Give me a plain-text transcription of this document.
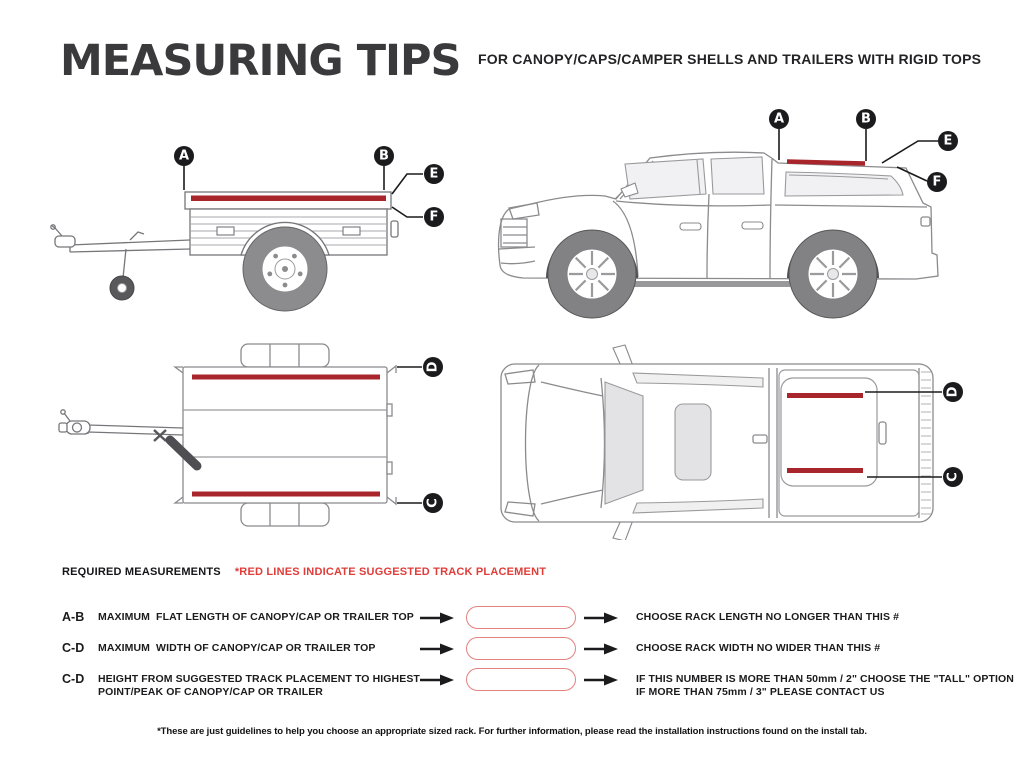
MEASURING TIPS FOR CANOPY/CAPS/CAMPER SHELLS AND TRAILERS WITH RIGID TOPS
A	B
E
F
A	B
E
F
D
C
D
C
REQUIRED MEASUREMENTS *RED LINES INDICATE SUGGESTED TRACK PLACEMENT
A-B	MAXIMUM  FLAT LENGTH OF CANOPY/CAP OR TRAILER TOP	CHOOSE RACK LENGTH NO LONGER THAN THIS #
C-D	MAXIMUM  WIDTH OF CANOPY/CAP OR TRAILER TOP	CHOOSE RACK WIDTH NO WIDER THAN THIS #
C-D	HEIGHT FROM SUGGESTED TRACK PLACEMENT TO HIGHEST
POINT/PEAK OF CANOPY/CAP OR TRAILER
IF THIS NUMBER IS MORE THAN 50mm / 2" CHOOSE THE "TALL" OPTION
IF MORE THAN 75mm / 3" PLEASE CONTACT US
*These are just guidelines to help you choose an appropriate sized rack. For further information, please read the installation instructions found on the install tab.
